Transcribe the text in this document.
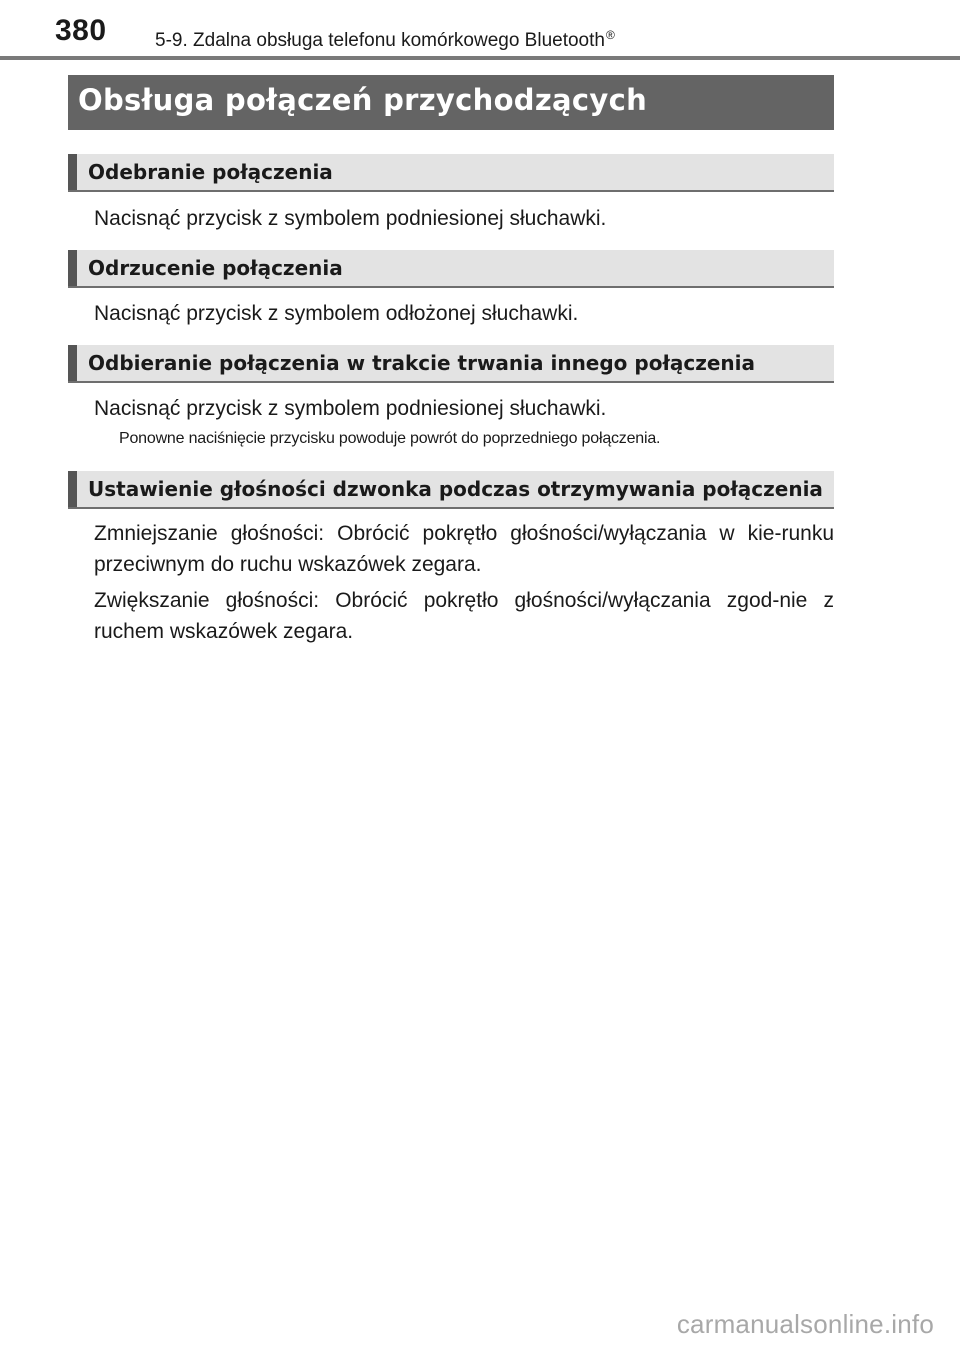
380	5-9. Zdalna obsługa telefonu komórkowego Bluetooth®
Obsługa połączeń przychodzących
Odebranie połączenia
Nacisnąć przycisk z symbolem podniesionej słuchawki.
Odrzucenie połączenia
Nacisnąć przycisk z symbolem odłożonej słuchawki.
Odbieranie połączenia w trakcie trwania innego połączenia
Nacisnąć przycisk z symbolem podniesionej słuchawki.
Ponowne naciśnięcie przycisku powoduje powrót do poprzedniego połączenia.
Ustawienie głośności dzwonka podczas otrzymywania połączenia
Zmniejszanie głośności: Obrócić pokrętło głośności/wyłączania w kie-runku przeciwnym do ruchu wskazówek zegara.
Zwiększanie głośności: Obrócić pokrętło głośności/wyłączania zgod-nie z ruchem wskazówek zegara.
carmanualsonline.info
